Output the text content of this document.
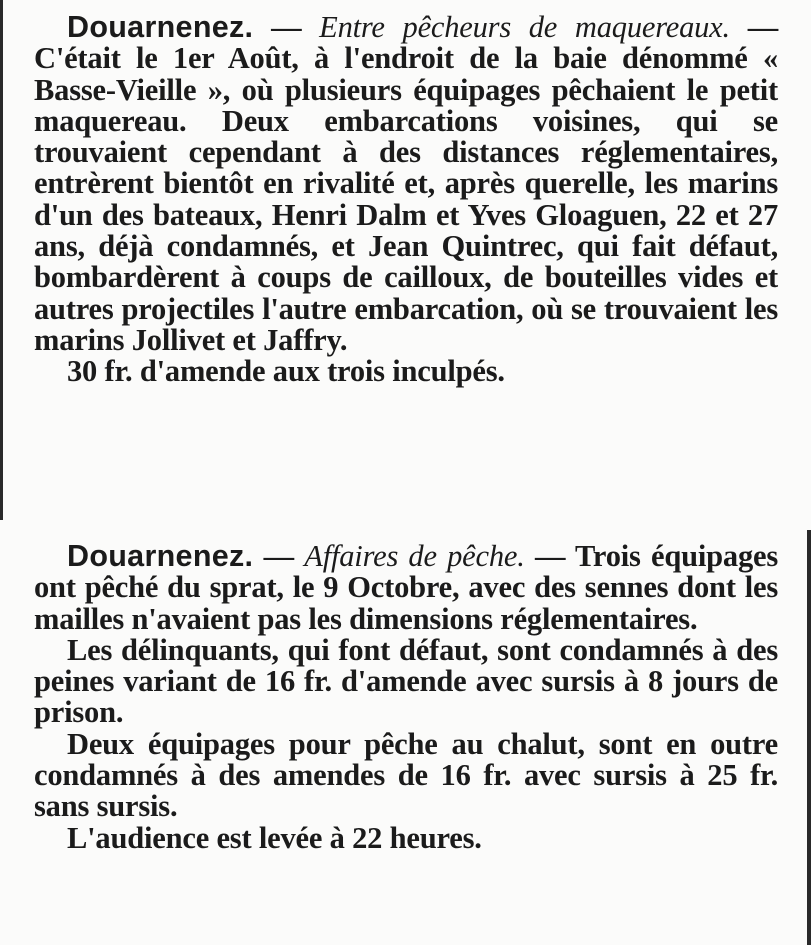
Douarnenez. — Entre pêcheurs de maquereaux. — C'était le 1er Août, à l'endroit de la baie dénommé « Basse-Vieille », où plusieurs équipages pêchaient le petit maquereau. Deux embarcations voisines, qui se trouvaient cependant à des distances réglementaires, entrèrent bientôt en rivalité et, après querelle, les marins d'un des bateaux, Henri Dalm et Yves Gloaguen, 22 et 27 ans, déjà condamnés, et Jean Quintrec, qui fait défaut, bombardèrent à coups de cailloux, de bouteilles vides et autres projectiles l'autre embarcation, où se trouvaient les marins Jollivet et Jaffry.

30 fr. d'amende aux trois inculpés.

Douarnenez. — Affaires de pêche. — Trois équipages ont pêché du sprat, le 9 Octobre, avec des sennes dont les mailles n'avaient pas les dimensions réglementaires.

Les délinquants, qui font défaut, sont condamnés à des peines variant de 16 fr. d'amende avec sursis à 8 jours de prison.

Deux équipages pour pêche au chalut, sont en outre condamnés à des amendes de 16 fr. avec sursis à 25 fr. sans sursis.

L'audience est levée à 22 heures.
